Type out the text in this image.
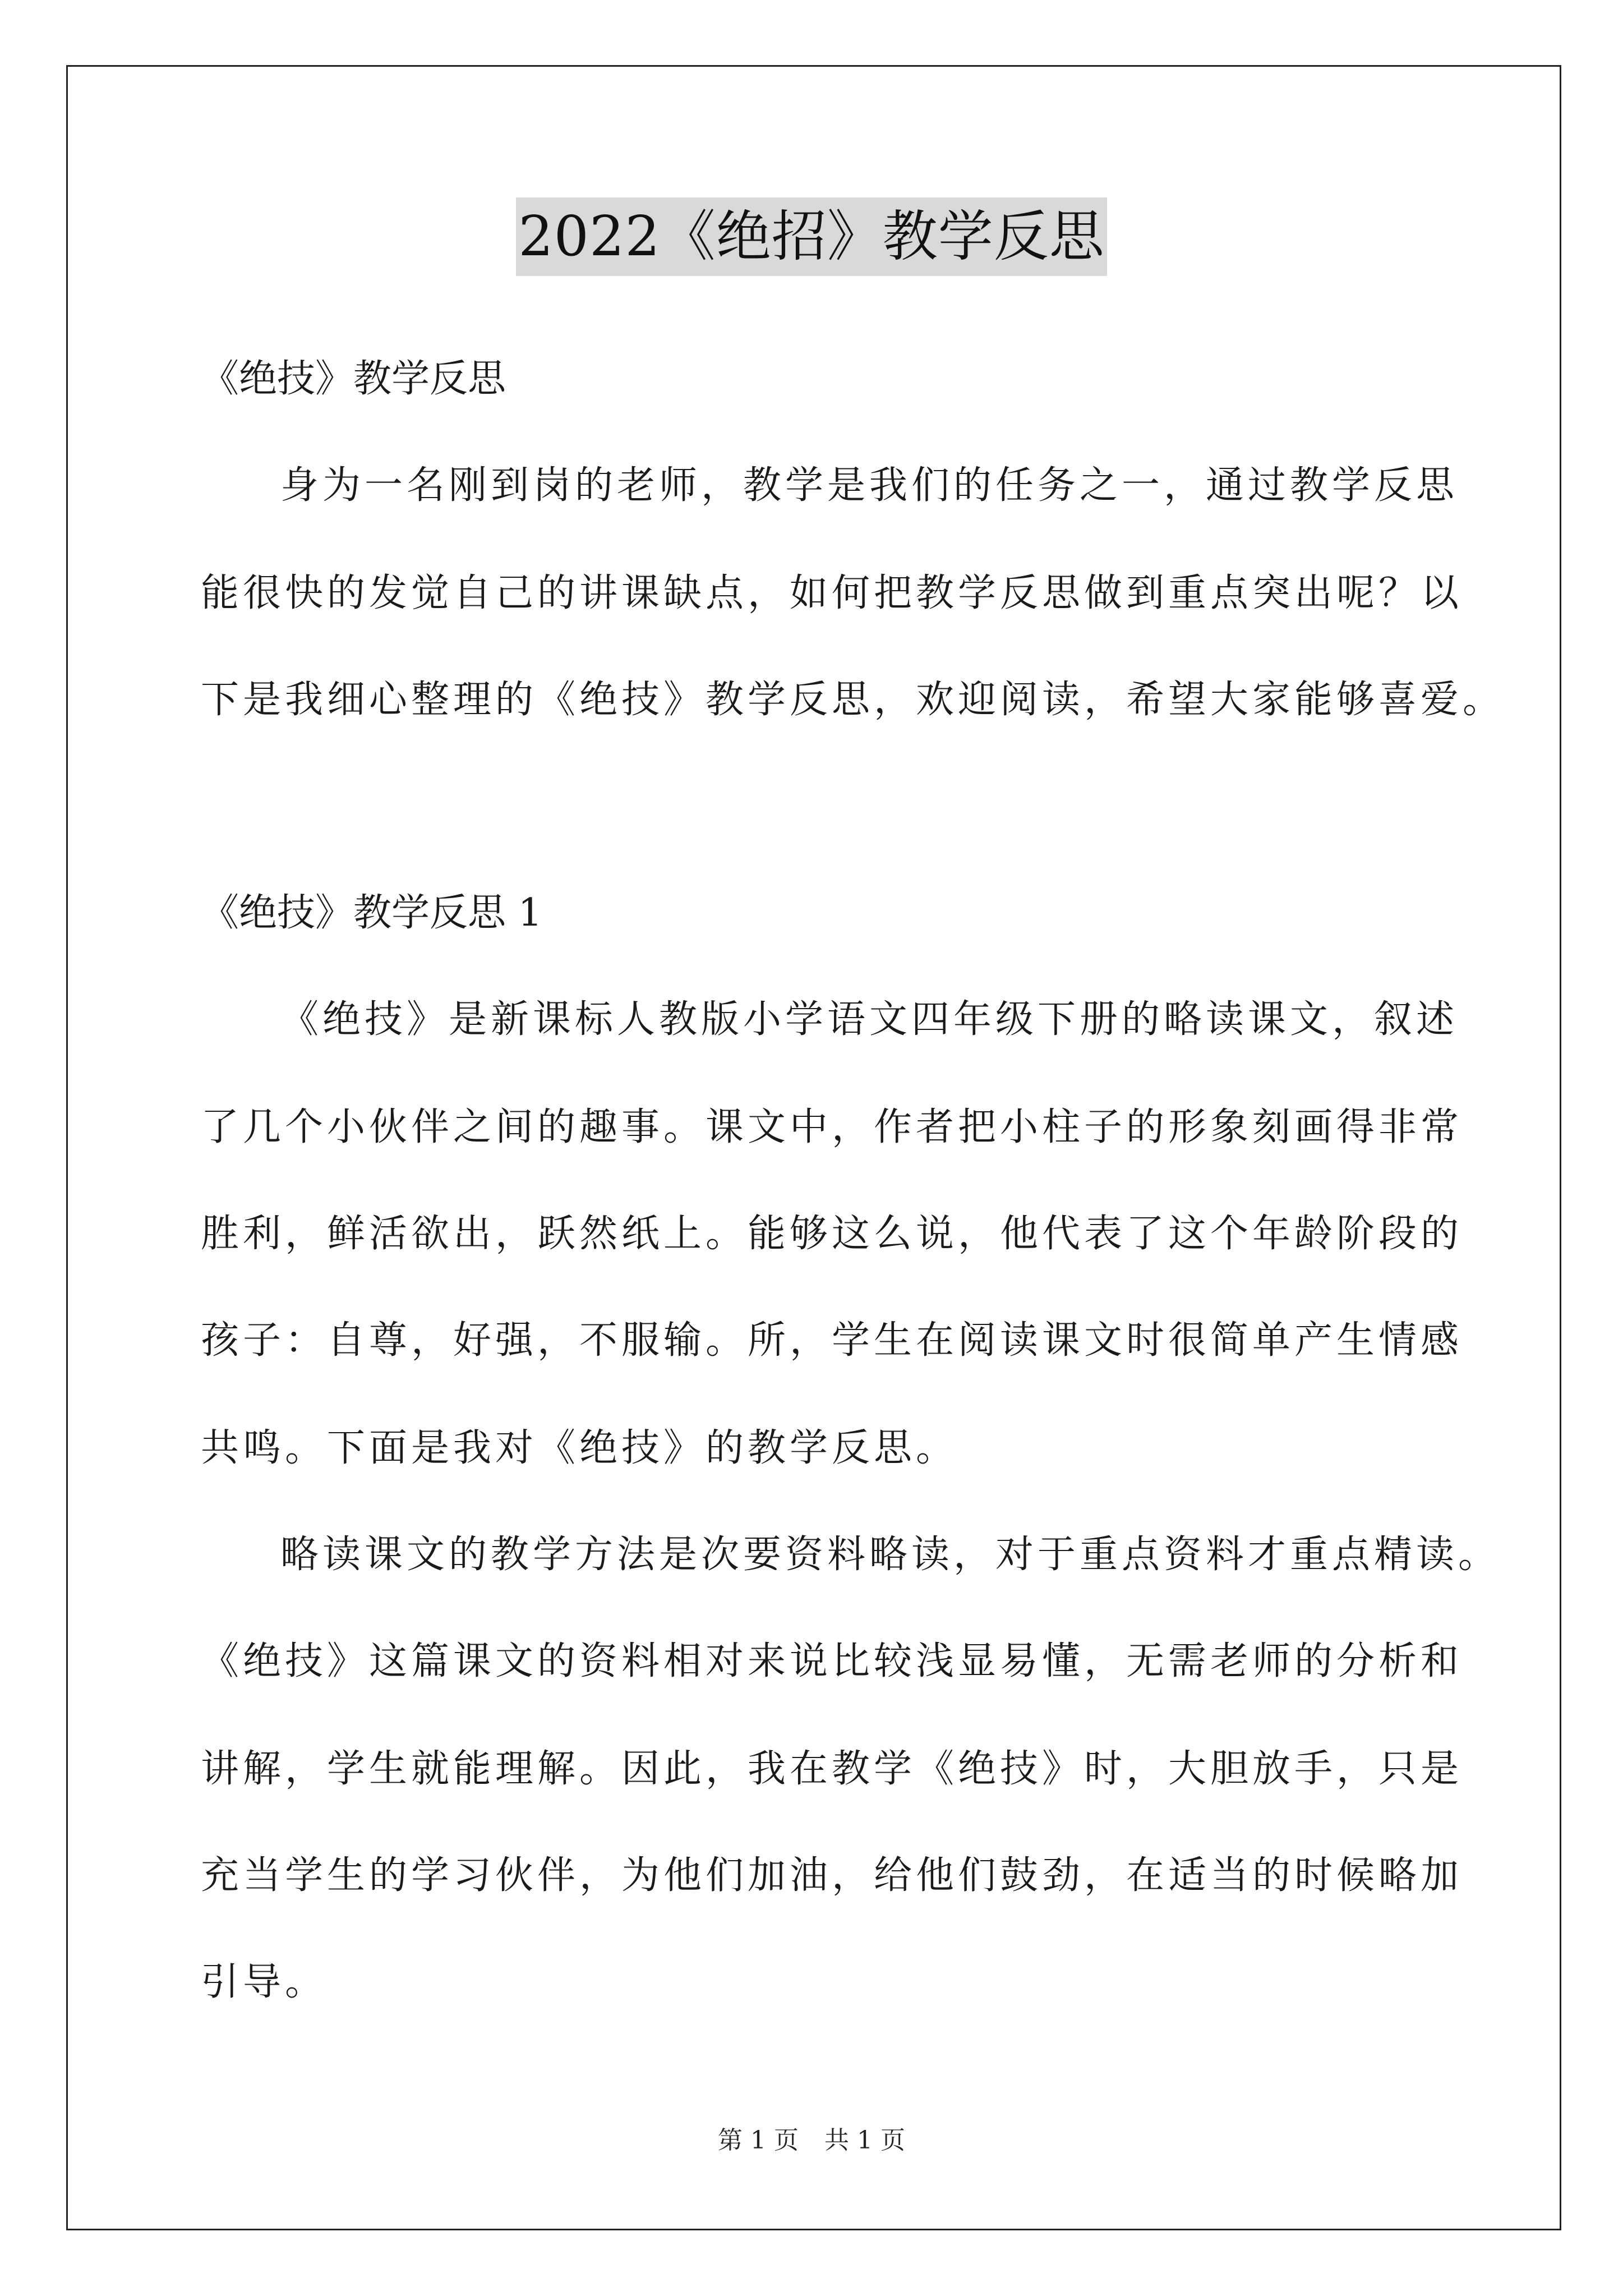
2022《绝招》教学反思
《绝技》教学反思
身为一名刚到岗的老师，教学是我们的任务之一，通过教学反思
能很快的发觉自己的讲课缺点，如何把教学反思做到重点突出呢？以
下是我细心整理的《绝技》教学反思，欢迎阅读，希望大家能够喜爱。
《绝技》教学反思 1
《绝技》是新课标人教版小学语文四年级下册的略读课文，叙述
了几个小伙伴之间的趣事。课文中，作者把小柱子的形象刻画得非常
胜利，鲜活欲出，跃然纸上。能够这么说，他代表了这个年龄阶段的
孩子：自尊，好强，不服输。所，学生在阅读课文时很简单产生情感
共鸣。下面是我对《绝技》的教学反思。
略读课文的教学方法是次要资料略读，对于重点资料才重点精读。
《绝技》这篇课文的资料相对来说比较浅显易懂，无需老师的分析和
讲解，学生就能理解。因此，我在教学《绝技》时，大胆放手，只是
充当学生的学习伙伴，为他们加油，给他们鼓劲，在适当的时候略加
引导。
第 1 页 共 1 页
